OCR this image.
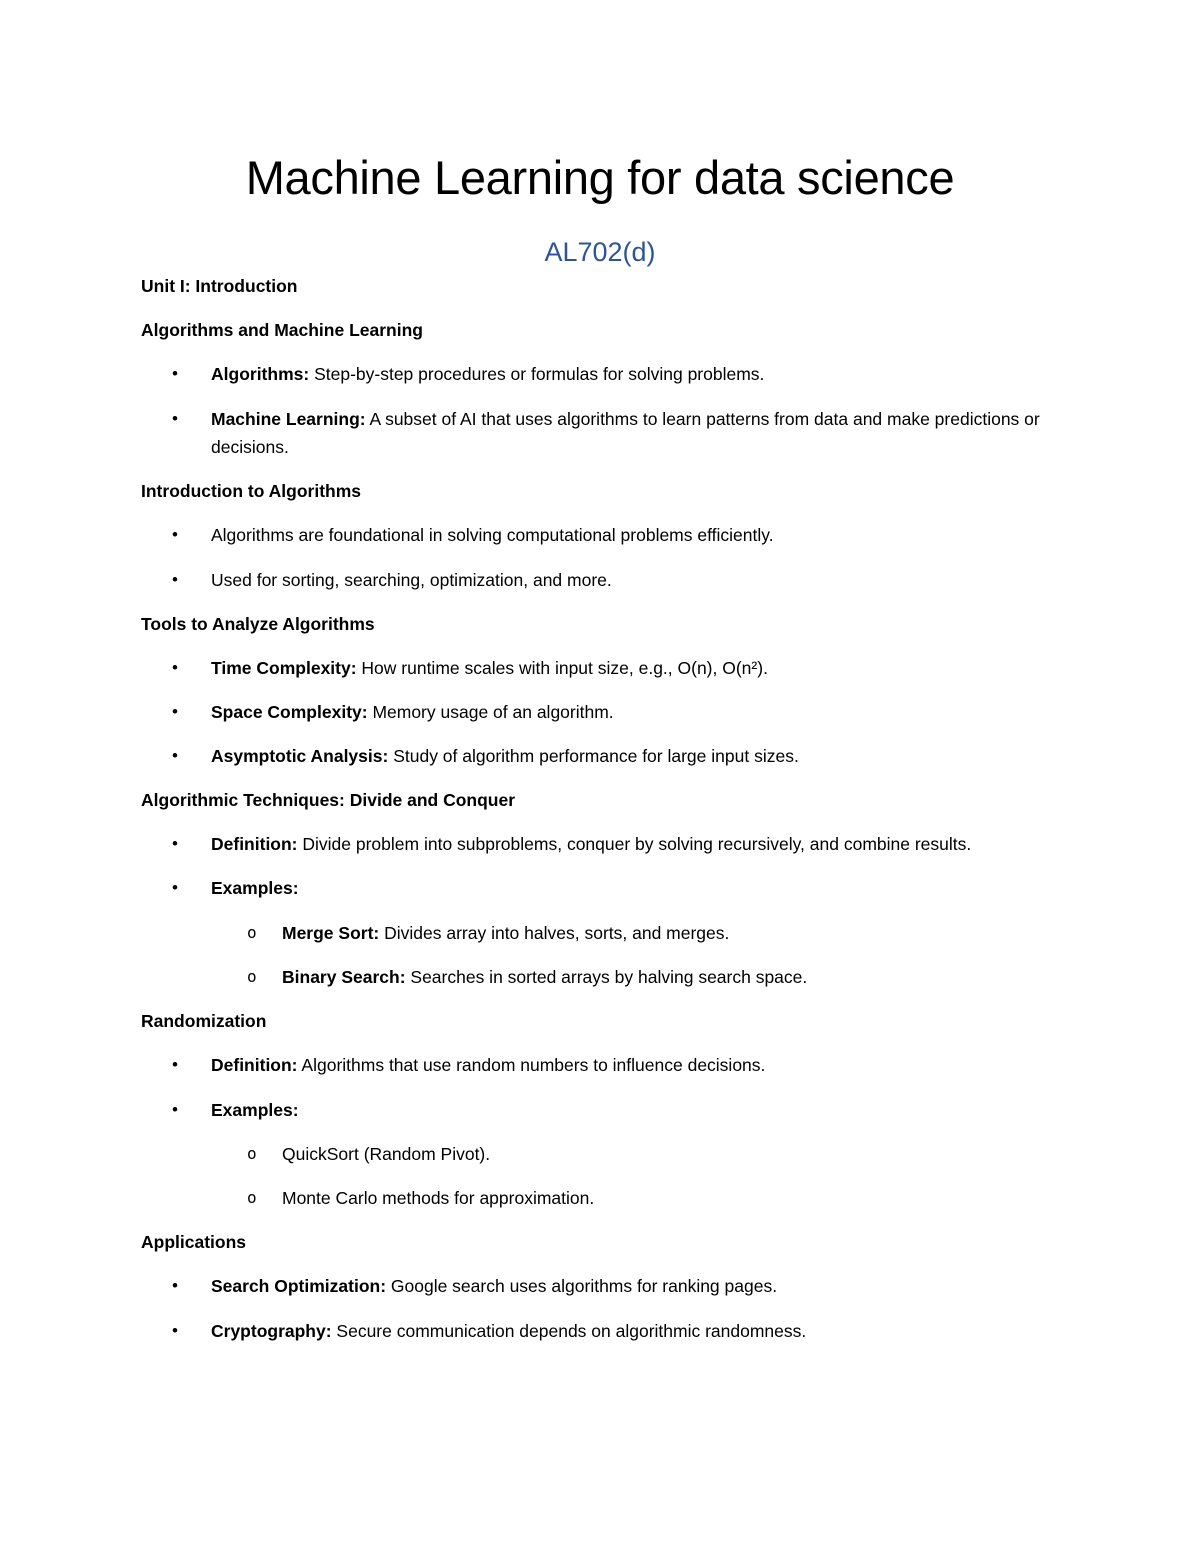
Machine Learning for data science
AL702(d)

Unit I: Introduction

Algorithms and Machine Learning

• Algorithms: Step-by-step procedures or formulas for solving problems.
• Machine Learning: A subset of AI that uses algorithms to learn patterns from data and make predictions or decisions.

Introduction to Algorithms

• Algorithms are foundational in solving computational problems efficiently.
• Used for sorting, searching, optimization, and more.

Tools to Analyze Algorithms

• Time Complexity: How runtime scales with input size, e.g., O(n), O(n²).
• Space Complexity: Memory usage of an algorithm.
• Asymptotic Analysis: Study of algorithm performance for large input sizes.

Algorithmic Techniques: Divide and Conquer

• Definition: Divide problem into subproblems, conquer by solving recursively, and combine results.
• Examples:
o Merge Sort: Divides array into halves, sorts, and merges.
o Binary Search: Searches in sorted arrays by halving search space.

Randomization

• Definition: Algorithms that use random numbers to influence decisions.
• Examples:
o QuickSort (Random Pivot).
o Monte Carlo methods for approximation.

Applications

• Search Optimization: Google search uses algorithms for ranking pages.
• Cryptography: Secure communication depends on algorithmic randomness.
